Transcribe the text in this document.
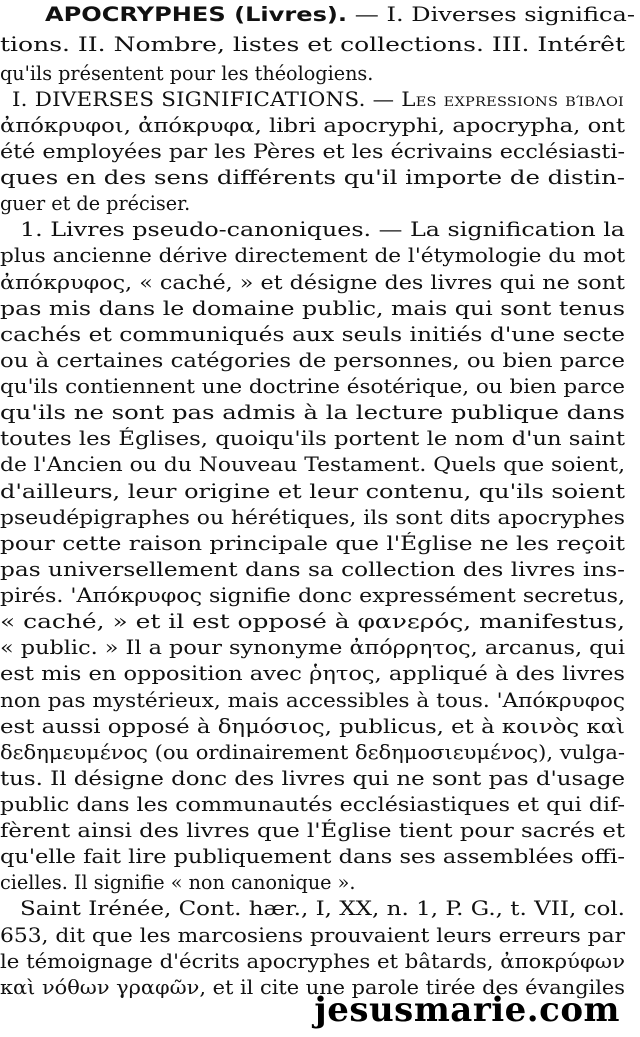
APOCRYPHES (Livres). — I. Diverses significa-
tions. II. Nombre, listes et collections. III. Intérêt
qu'ils présentent pour les théologiens.
I. DIVERSES SIGNIFICATIONS. — Les expressions βίβλοι
ἀπόκρυφοι, ἀπόκρυφα, libri apocryphi, apocrypha, ont
été employées par les Pères et les écrivains ecclésiasti-
ques en des sens différents qu'il importe de distin-
guer et de préciser.
1. Livres pseudo-canoniques. — La signification la
plus ancienne dérive directement de l'étymologie du mot
ἀπόκρυφος, « caché, » et désigne des livres qui ne sont
pas mis dans le domaine public, mais qui sont tenus
cachés et communiqués aux seuls initiés d'une secte
ou à certaines catégories de personnes, ou bien parce
qu'ils contiennent une doctrine ésotérique, ou bien parce
qu'ils ne sont pas admis à la lecture publique dans
toutes les Églises, quoiqu'ils portent le nom d'un saint
de l'Ancien ou du Nouveau Testament. Quels que soient,
d'ailleurs, leur origine et leur contenu, qu'ils soient
pseudépigraphes ou hérétiques, ils sont dits apocryphes
pour cette raison principale que l'Église ne les reçoit
pas universellement dans sa collection des livres ins-
pirés. 'Απόκρυφος signifie donc expressément secretus,
« caché, » et il est opposé à φανερός, manifestus,
« public. » Il a pour synonyme ἀπόρρητος, arcanus, qui
est mis en opposition avec ῥητος, appliqué à des livres
non pas mystérieux, mais accessibles à tous. 'Απόκρυφος
est aussi opposé à δημόσιος, publicus, et à κοινὸς καὶ
δεδημευμένος (ou ordinairement δεδημοσιευμένος), vulga-
tus. Il désigne donc des livres qui ne sont pas d'usage
public dans les communautés ecclésiastiques et qui dif-
fèrent ainsi des livres que l'Église tient pour sacrés et
qu'elle fait lire publiquement dans ses assemblées offi-
cielles. Il signifie « non canonique ».
Saint Irénée, Cont. hær., I, XX, n. 1, P. G., t. VII, col.
653, dit que les marcosiens prouvaient leurs erreurs par
le témoignage d'écrits apocryphes et bâtards, ἀποκρύφων
καὶ νόθων γραφῶν, et il cite une parole tirée des évangiles
jesusmarie.com
